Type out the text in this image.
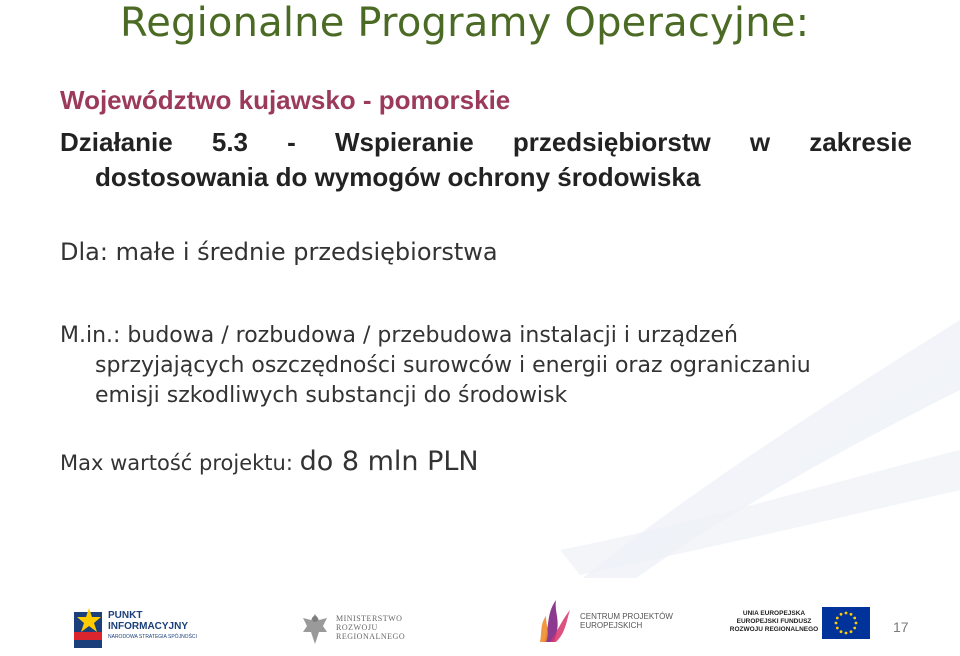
Regionalne Programy Operacyjne:
Województwo kujawsko - pomorskie
Działanie 5.3 - Wspieranie przedsiębiorstw w zakresie
dostosowania do wymogów ochrony środowiska
Dla: małe i średnie przedsiębiorstwa
M.in.: budowa / rozbudowa / przebudowa instalacji i urządzeń
sprzyjających oszczędności surowców i energii oraz ograniczaniu
emisji szkodliwych substancji do środowisk
Max wartość projektu: do 8 mln PLN
PUNKT
INFORMACYJNY
NARODOWA STRATEGIA SPÓJNOŚCI
MINISTERSTWO
ROZWOJU
REGIONALNEGO
CENTRUM PROJEKTÓW
EUROPEJSKICH
UNIA EUROPEJSKA
EUROPEJSKI FUNDUSZ
ROZWOJU REGIONALNEGO	17
